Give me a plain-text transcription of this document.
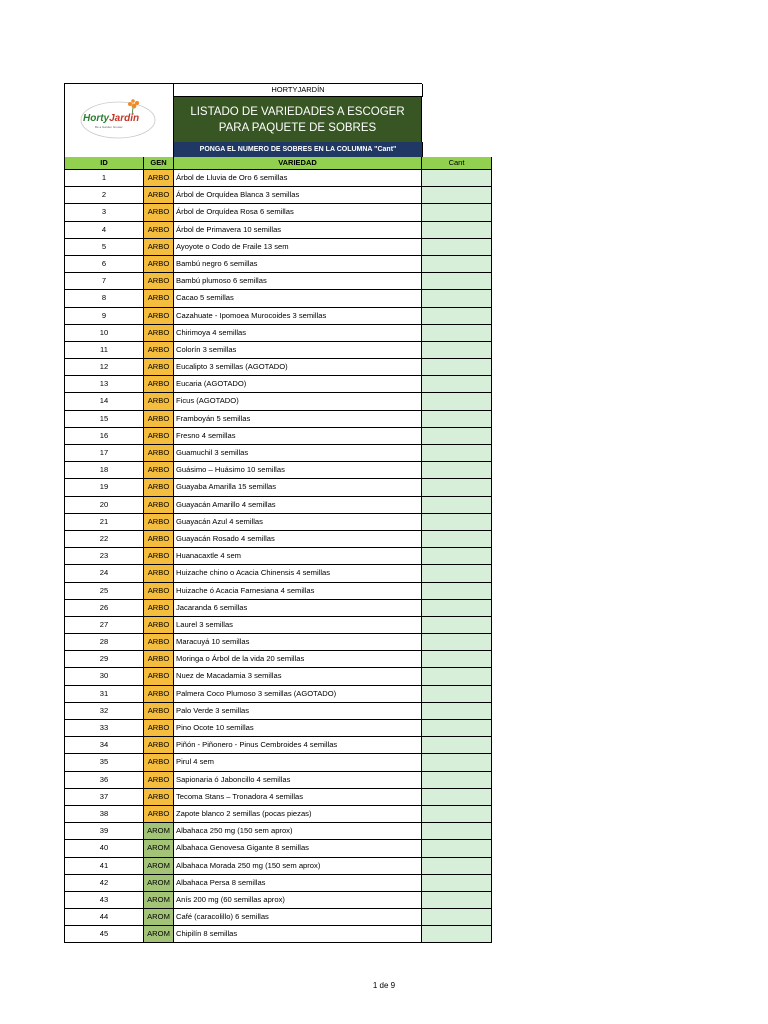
HortyJardín
Be a Garden Grower
HORTYJARDÍN
LISTADO DE VARIEDADES A ESCOGER PARA PAQUETE DE SOBRES
PONGA EL NUMERO DE SOBRES EN LA COLUMNA "Cant"
ID	GEN	VARIEDAD	Cant
1	ARBO Árbol de Lluvia de Oro 6 semillas
2	ARBO Árbol de Orquídea Blanca 3 semillas
3	ARBO Árbol de Orquídea Rosa 6 semillas
4	ARBO Árbol de Primavera 10 semillas
5	ARBO Ayoyote o Codo de Fraile 13 sem
6	ARBO Bambú negro 6 semillas
7	ARBO Bambú plumoso 6 semillas
8	ARBO Cacao 5 semillas
9	ARBO Cazahuate - Ipomoea Murocoides 3 semillas
10	ARBO Chirimoya 4 semillas
11	ARBO Colorín 3 semillas
12	ARBO Eucalipto 3 semillas (AGOTADO)
13	ARBO Eucaria (AGOTADO)
14	ARBO Ficus (AGOTADO)
15	ARBO Framboyán 5 semillas
16	ARBO Fresno 4 semillas
17	ARBO Guamuchil 3 semillas
18	ARBO Guásimo – Huásimo 10 semillas
19	ARBO Guayaba Amarilla 15 semillas
20	ARBO Guayacán Amarillo 4 semillas
21	ARBO Guayacán Azul 4 semillas
22	ARBO Guayacán Rosado 4 semillas
23	ARBO Huanacaxtle 4 sem
24	ARBO Huizache chino o Acacia Chinensis 4 semillas
25	ARBO Huizache ó Acacia Farnesiana 4 semillas
26	ARBO Jacaranda 6 semillas
27	ARBO Laurel 3 semillas
28	ARBO Maracuyá 10 semillas
29	ARBO Moringa o Árbol de la vida 20 semillas
30	ARBO Nuez de Macadamia 3 semillas
31	ARBO Palmera Coco Plumoso 3 semillas (AGOTADO)
32	ARBO Palo Verde 3 semillas
33	ARBO Pino Ocote 10 semillas
34	ARBO Piñón - Piñonero - Pinus Cembroides 4 semillas
35	ARBO Pirul 4 sem
36	ARBO Sapionaria ó Jaboncillo 4 semillas
37	ARBO Tecoma Stans – Tronadora 4 semillas
38	ARBO Zapote blanco 2 semillas (pocas piezas)
39	AROM Albahaca 250 mg (150 sem aprox)
40	AROM Albahaca Genovesa Gigante 8 semillas
41	AROM Albahaca Morada 250 mg (150 sem aprox)
42	AROM Albahaca Persa 8 semillas
43	AROM Anís 200 mg (60 semillas aprox)
44	AROM Café (caracolillo) 6 semillas
45	AROM Chipilín 8 semillas
1 de 9
